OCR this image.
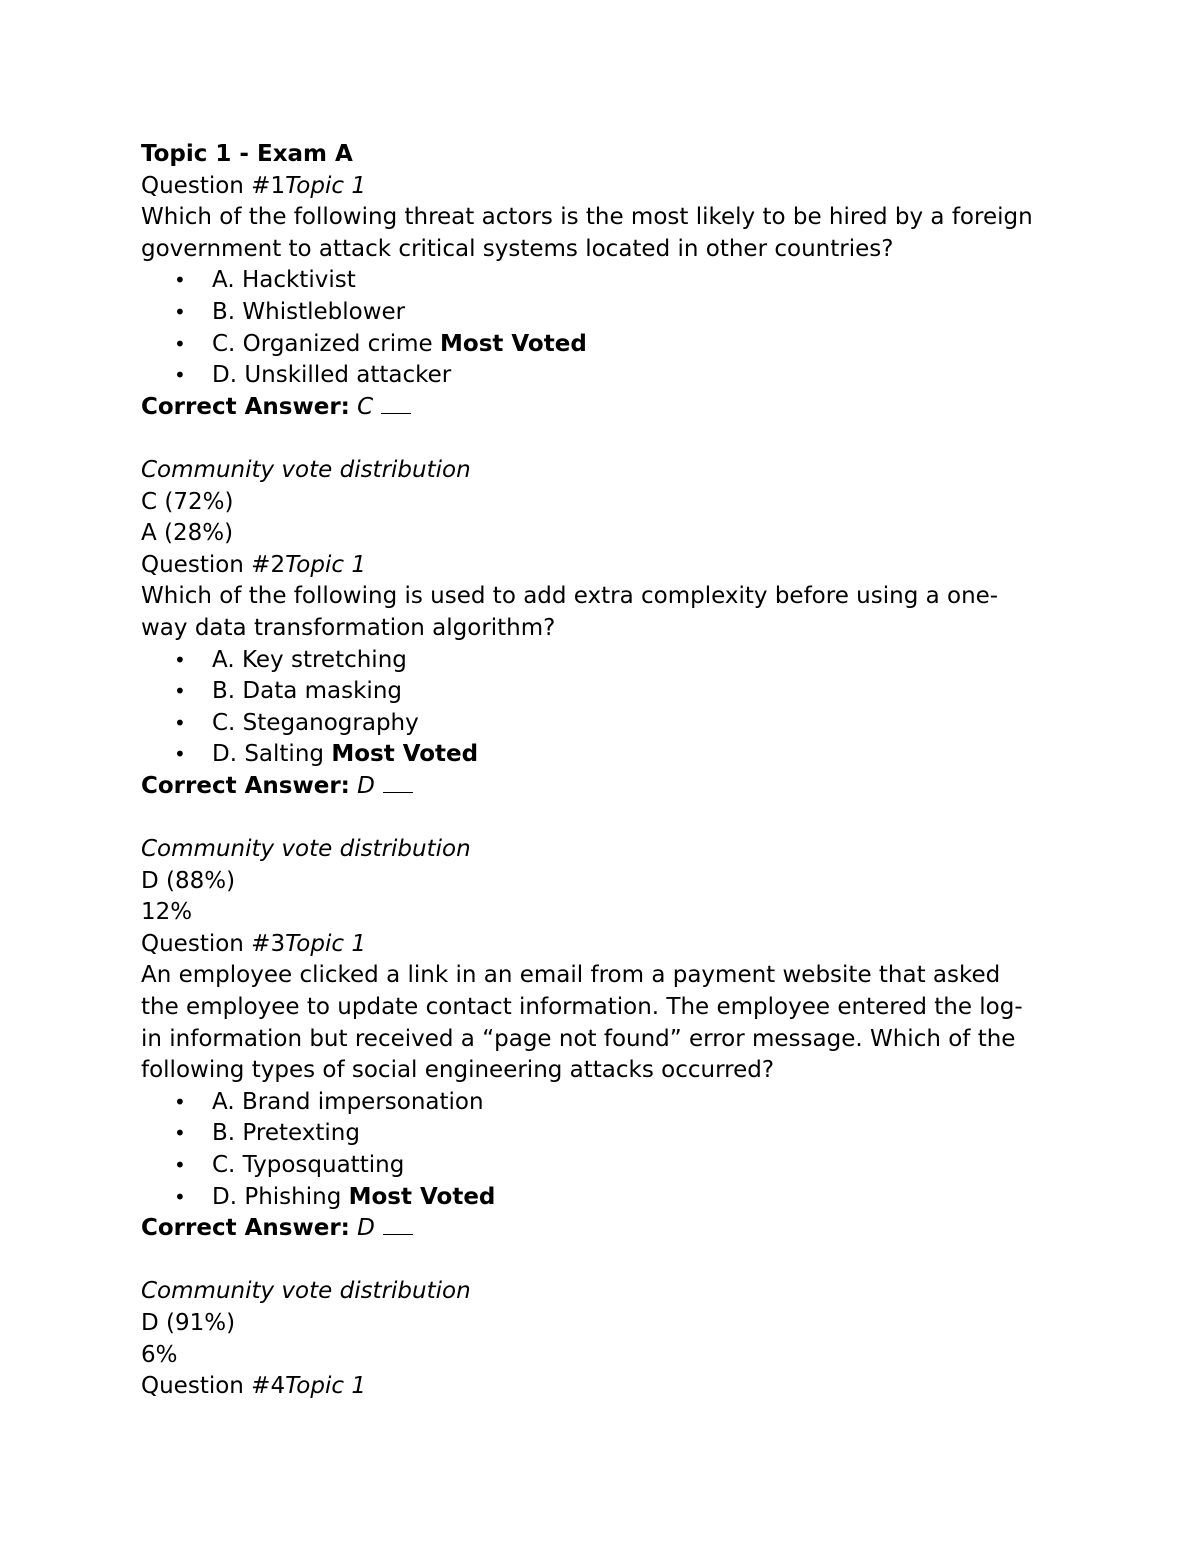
Topic 1 - Exam A
Question #1Topic 1
Which of the following threat actors is the most likely to be hired by a foreign government to attack critical systems located in other countries?
• A. Hacktivist
• B. Whistleblower
• C. Organized crime Most Voted
• D. Unskilled attacker
Correct Answer: C
Community vote distribution
C (72%)
A (28%)
Question #2Topic 1
Which of the following is used to add extra complexity before using a one-way data transformation algorithm?
• A. Key stretching
• B. Data masking
• C. Steganography
• D. Salting Most Voted
Correct Answer: D
Community vote distribution
D (88%)
12%
Question #3Topic 1
An employee clicked a link in an email from a payment website that asked the employee to update contact information. The employee entered the log-in information but received a “page not found” error message. Which of the following types of social engineering attacks occurred?
• A. Brand impersonation
• B. Pretexting
• C. Typosquatting
• D. Phishing Most Voted
Correct Answer: D
Community vote distribution
D (91%)
6%
Question #4Topic 1
